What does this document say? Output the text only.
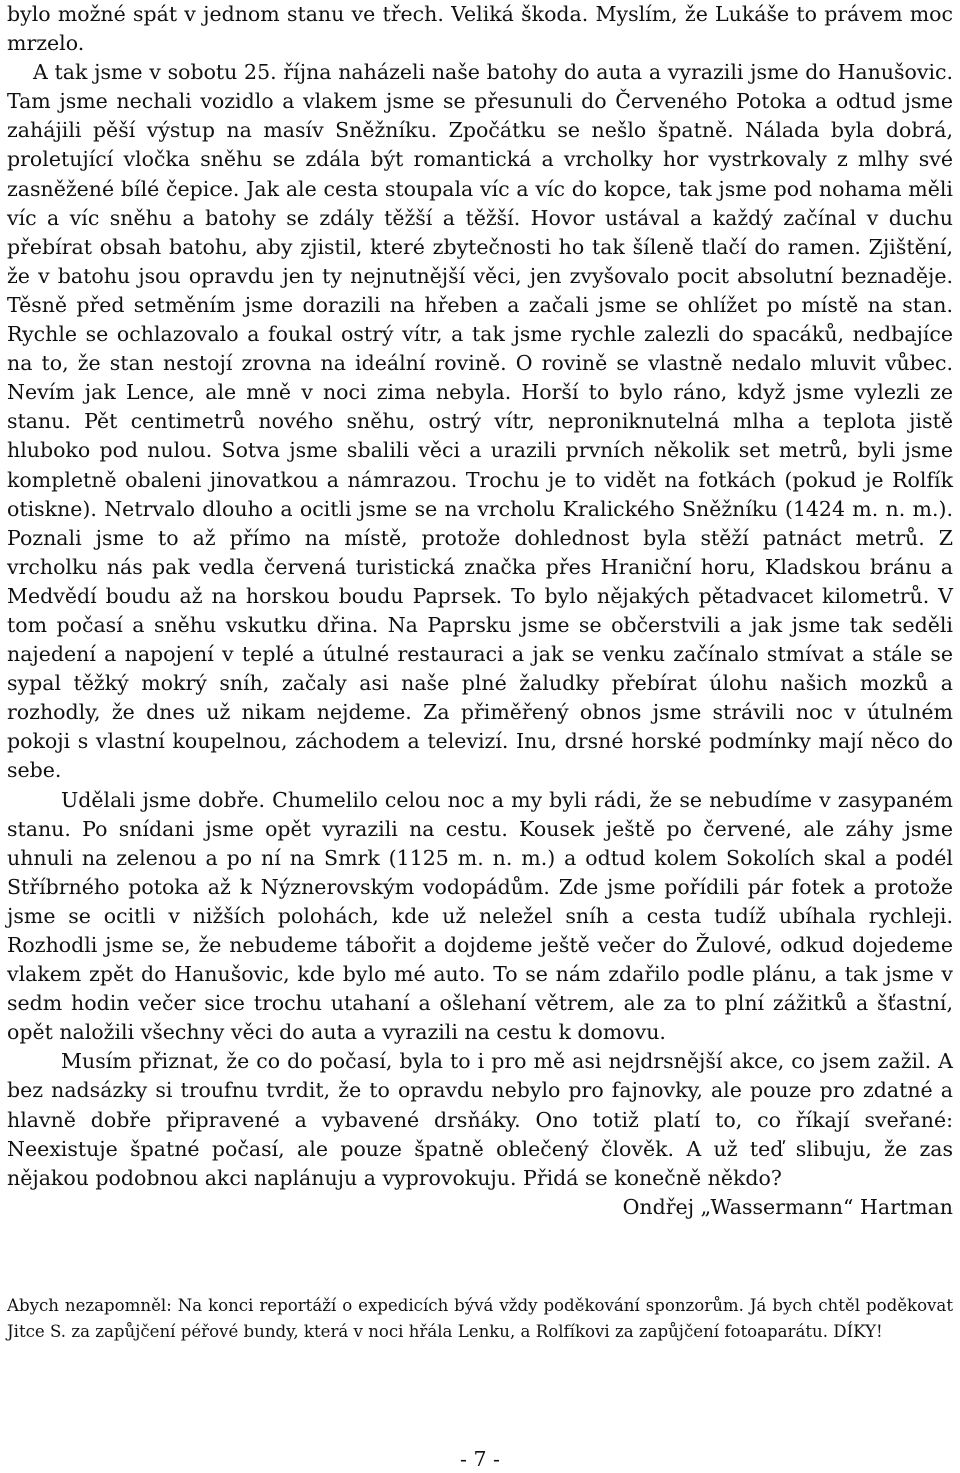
bylo možné spát v jednom stanu ve třech. Veliká škoda. Myslím, že Lukáše to právem moc mrzelo.

A tak jsme v sobotu 25. října naházeli naše batohy do auta a vyrazili jsme do Hanušovic. Tam jsme nechali vozidlo a vlakem jsme se přesunuli do Červeného Potoka a odtud jsme zahájili pěší výstup na masív Sněžníku. Zpočátku se nešlo špatně. Nálada byla dobrá, proletující vločka sněhu se zdála být romantická a vrcholky hor vystrkovaly z mlhy své zasněžené bílé čepice. Jak ale cesta stoupala víc a víc do kopce, tak jsme pod nohama měli víc a víc sněhu a batohy se zdály těžší a těžší. Hovor ustával a každý začínal v duchu přebírat obsah batohu, aby zjistil, které zbytečnosti ho tak šíleně tlačí do ramen. Zjištění, že v batohu jsou opravdu jen ty nejnutnější věci, jen zvyšovalo pocit absolutní beznaděje. Těsně před setměním jsme dorazili na hřeben a začali jsme se ohlížet po místě na stan. Rychle se ochlazovalo a foukal ostrý vítr, a tak jsme rychle zalezli do spacáků, nedbajíce na to, že stan nestojí zrovna na ideální rovině. O rovině se vlastně nedalo mluvit vůbec. Nevím jak Lence, ale mně v noci zima nebyla. Horší to bylo ráno, když jsme vylezli ze stanu. Pět centimetrů nového sněhu, ostrý vítr, neproniknutelná mlha a teplota jistě hluboko pod nulou. Sotva jsme sbalili věci a urazili prvních několik set metrů, byli jsme kompletně obaleni jinovatkou a námrazou. Trochu je to vidět na fotkách (pokud je Rolfík otiskne). Netrvalo dlouho a ocitli jsme se na vrcholu Kralického Sněžníku (1424 m. n. m.). Poznali jsme to až přímo na místě, protože dohlednost byla stěží patnáct metrů. Z vrcholku nás pak vedla červená turistická značka přes Hraniční horu, Kladskou bránu a Medvědí boudu až na horskou boudu Paprsek. To bylo nějakých pětadvacet kilometrů. V tom počasí a sněhu vskutku dřina. Na Paprsku jsme se občerstvili a jak jsme tak seděli najedení a napojení v teplé a útulné restauraci a jak se venku začínalo stmívat a stále se sypal těžký mokrý sníh, začaly asi naše plné žaludky přebírat úlohu našich mozků a rozhodly, že dnes už nikam nejdeme. Za přiměřený obnos jsme strávili noc v útulném pokoji s vlastní koupelnou, záchodem a televizí. Inu, drsné horské podmínky mají něco do sebe.

Udělali jsme dobře. Chumelilo celou noc a my byli rádi, že se nebudíme v zasypaném stanu. Po snídani jsme opět vyrazili na cestu. Kousek ještě po červené, ale záhy jsme uhnuli na zelenou a po ní na Smrk (1125 m. n. m.) a odtud kolem Sokolích skal a podél Stříbrného potoka až k Nýznerovským vodopádům. Zde jsme pořídili pár fotek a protože jsme se ocitli v nižších polohách, kde už neležel sníh a cesta tudíž ubíhala rychleji. Rozhodli jsme se, že nebudeme tábořit a dojdeme ještě večer do Žulové, odkud dojedeme vlakem zpět do Hanušovic, kde bylo mé auto. To se nám zdařilo podle plánu, a tak jsme v sedm hodin večer sice trochu utahaní a ošlehaní větrem, ale za to plní zážitků a šťastní, opět naložili všechny věci do auta a vyrazili na cestu k domovu.

Musím přiznat, že co do počasí, byla to i pro mě asi nejdrsnější akce, co jsem zažil. A bez nadsázky si troufnu tvrdit, že to opravdu nebylo pro fajnovky, ale pouze pro zdatné a hlavně dobře připravené a vybavené drsňáky. Ono totiž platí to, co říkají sveřané: Neexistuje špatné počasí, ale pouze špatně oblečený člověk. A už teď slibuju, že zas nějakou podobnou akci naplánuju a vyprovokuju. Přidá se konečně někdo?

Ondřej „Wassermann“ Hartman

Abych nezapomněl: Na konci reportáží o expedicích bývá vždy poděkování sponzorům. Já bych chtěl poděkovat Jitce S. za zapůjčení péřové bundy, která v noci hřála Lenku, a Rolfíkovi za zapůjčení fotoaparátu. DÍKY!

- 7 -
